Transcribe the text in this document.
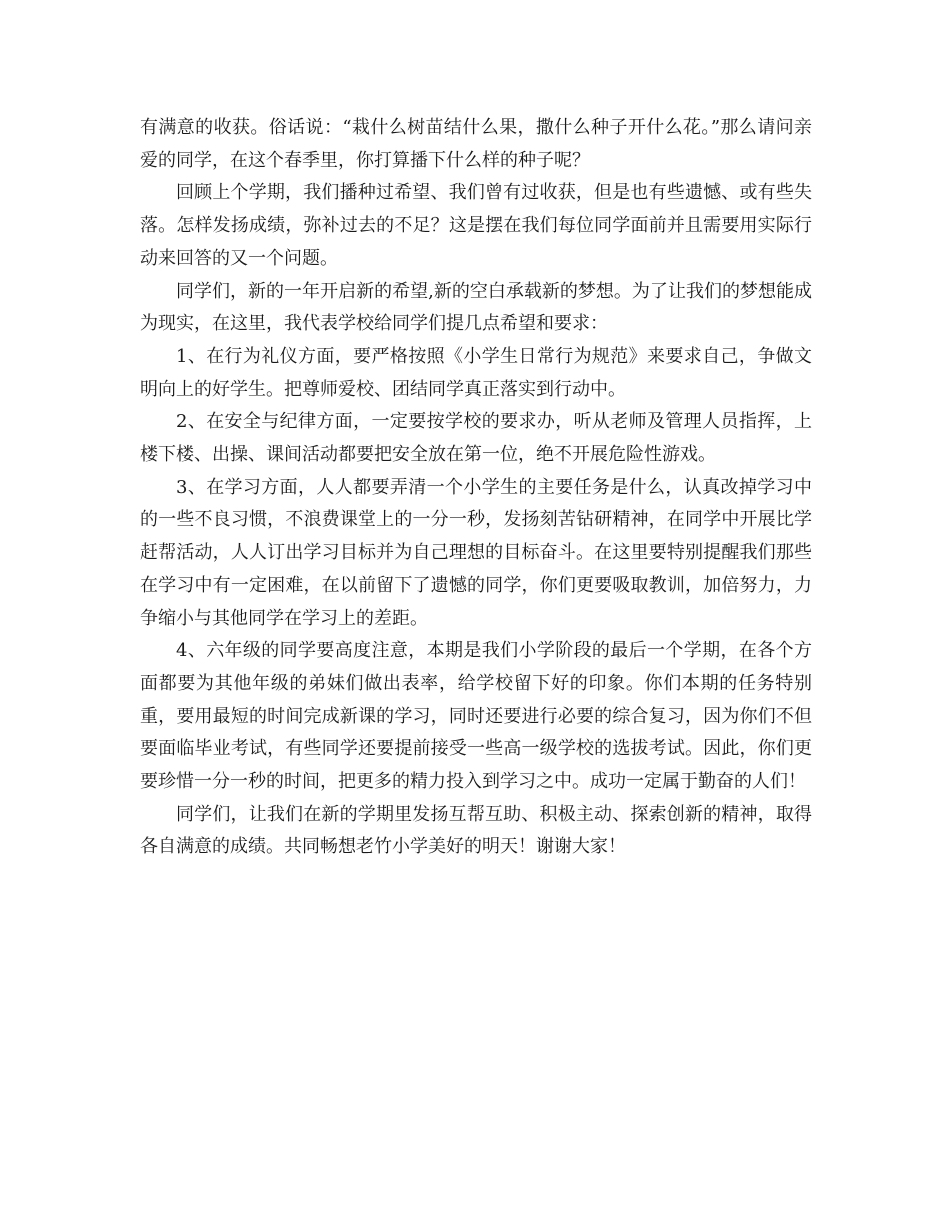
有满意的收获。俗话说：“栽什么树苗结什么果，撒什么种子开什么花。”那么请问亲爱的同学，在这个春季里，你打算播下什么样的种子呢？

回顾上个学期，我们播种过希望、我们曾有过收获，但是也有些遗憾、或有些失落。怎样发扬成绩，弥补过去的不足？这是摆在我们每位同学面前并且需要用实际行动来回答的又一个问题。

同学们，新的一年开启新的希望,新的空白承载新的梦想。为了让我们的梦想能成为现实，在这里，我代表学校给同学们提几点希望和要求：

1、在行为礼仪方面，要严格按照《小学生日常行为规范》来要求自己，争做文明向上的好学生。把尊师爱校、团结同学真正落实到行动中。

2、在安全与纪律方面，一定要按学校的要求办，听从老师及管理人员指挥，上楼下楼、出操、课间活动都要把安全放在第一位，绝不开展危险性游戏。

3、在学习方面，人人都要弄清一个小学生的主要任务是什么，认真改掉学习中的一些不良习惯，不浪费课堂上的一分一秒，发扬刻苦钻研精神，在同学中开展比学赶帮活动，人人订出学习目标并为自己理想的目标奋斗。在这里要特别提醒我们那些在学习中有一定困难，在以前留下了遗憾的同学，你们更要吸取教训，加倍努力，力争缩小与其他同学在学习上的差距。

4、六年级的同学要高度注意，本期是我们小学阶段的最后一个学期，在各个方面都要为其他年级的弟妹们做出表率，给学校留下好的印象。你们本期的任务特别重，要用最短的时间完成新课的学习，同时还要进行必要的综合复习，因为你们不但要面临毕业考试，有些同学还要提前接受一些高一级学校的选拔考试。因此，你们更要珍惜一分一秒的时间，把更多的精力投入到学习之中。成功一定属于勤奋的人们！

同学们，让我们在新的学期里发扬互帮互助、积极主动、探索创新的精神，取得各自满意的成绩。共同畅想老竹小学美好的明天！谢谢大家！
